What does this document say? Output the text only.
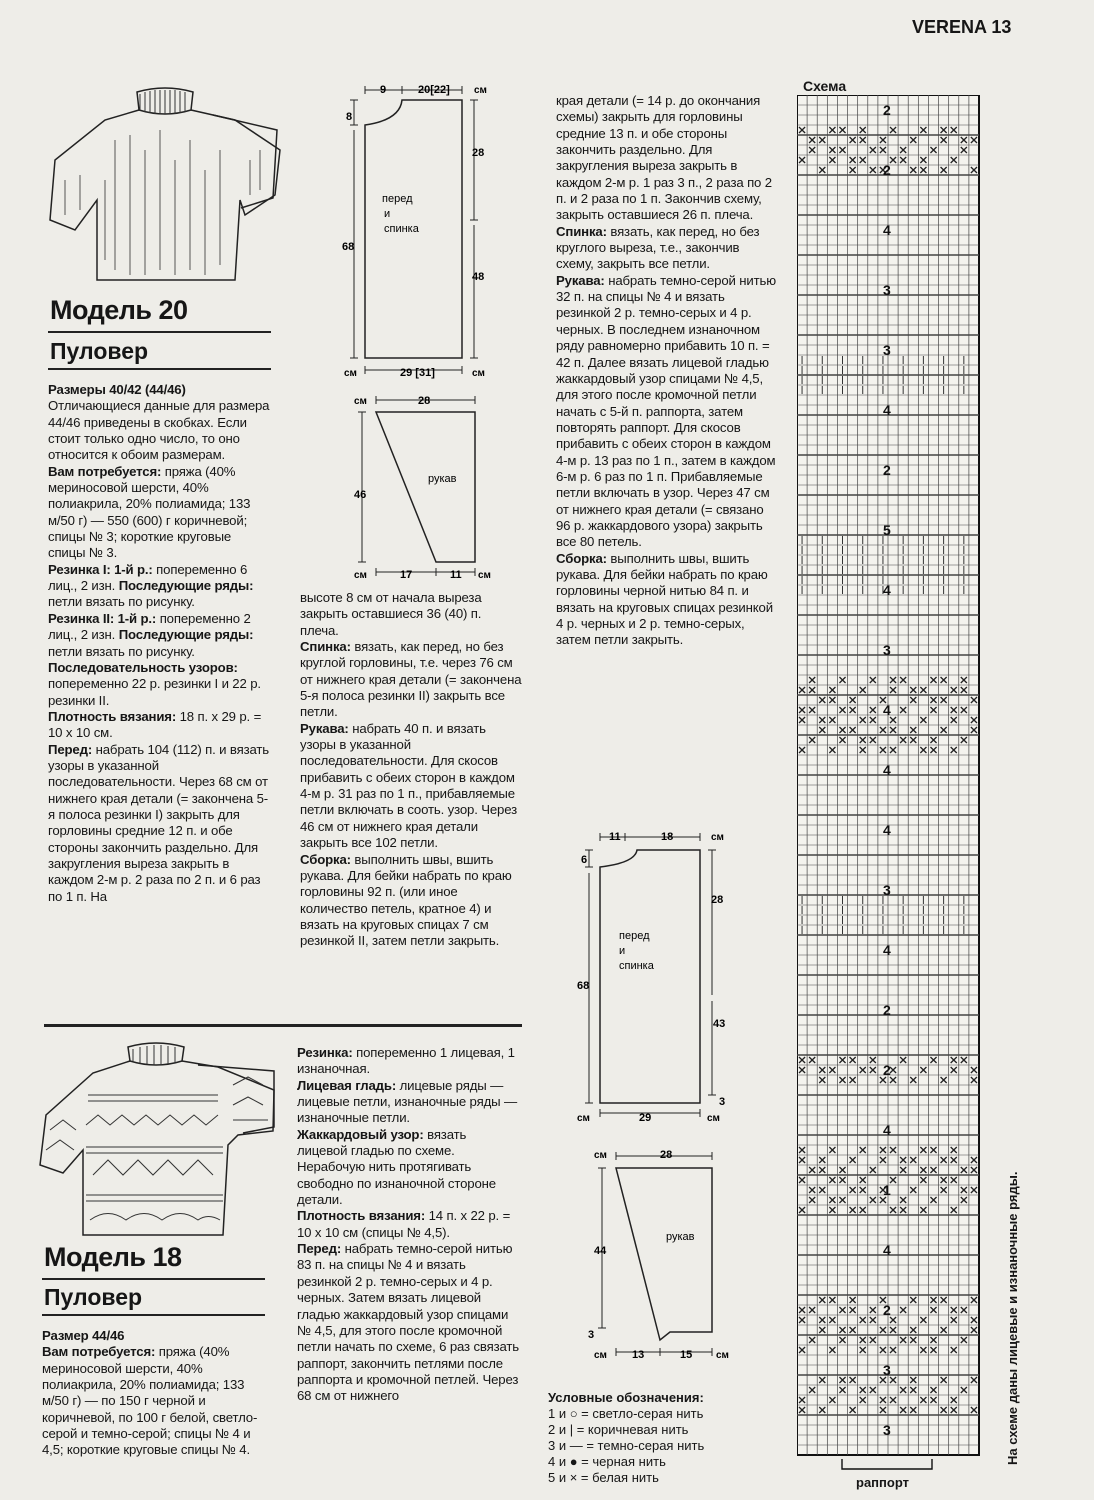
VERENA 13
Модель 20
Пуловер

Размеры 40/42 (44/46)

Отличающиеся данные для размера 44/46 приведены в скобках. Если стоит только одно число, то оно относится к обоим размерам.

Вам потребуется: пряжа (40% мериносовой шерсти, 40% полиакрила, 20% полиамида; 133 м/50 г) — 550 (600) г коричневой; спицы № 3; короткие круговые спицы № 3.

Резинка I: 1-й р.: попеременно 6 лиц., 2 изн. Последующие ряды: петли вязать по рисунку.

Резинка II: 1-й р.: попеременно 2 лиц., 2 изн. Последующие ряды: петли вязать по рисунку.

Последовательность узоров: попеременно 22 р. резинки I и 22 р. резинки II.

Плотность вязания: 18 п. х 29 р. = 10 х 10 см.

Перед: набрать 104 (112) п. и вязать узоры в указанной последовательности. Через 68 см от нижнего края детали (= закончена 5-я полоса резинки I) закрыть для горловины средние 12 п. и обе стороны закончить раздельно. Для закругления выреза закрыть в каждом 2-м р. 2 раза по 2 п. и 6 раз по 1 п. На

9	20[22] см
8
28
68
48
29 [31]
см	см
перед
и
спинка
см	28
46
17	11
см	см
рукав

высоте 8 см от начала выреза закрыть оставшиеся 36 (40) п. плеча.

Спинка: вязать, как перед, но без круглой горловины, т.е. через 76 см от нижнего края детали (= закончена 5-я полоса резинки II) закрыть все петли.

Рукава: набрать 40 п. и вязать узоры в указанной последовательности. Для скосов прибавить с обеих сторон в каждом 4-м р. 31 раз по 1 п., прибавляемые петли включать в сооть. узор. Через 46 см от нижнего края детали закрыть все 102 петли.

Сборка: выполнить швы, вшить рукава. Для бейки набрать по краю горловины 92 п. (или иное количество петель, кратное 4) и вязать на круговых спицах 7 см резинкой II, затем петли закрыть.

Модель 18
Пуловер

Размер 44/46

Вам потребуется: пряжа (40% мериносовой шерсти, 40% полиакрила, 20% полиамида; 133 м/50 г) — по 150 г черной и коричневой, по 100 г белой, светло-серой и темно-серой; спицы № 4 и 4,5; короткие круговые спицы № 4.

Резинка: попеременно 1 лицевая, 1 изнаночная.

Лицевая гладь: лицевые ряды — лицевые петли, изнаночные ряды — изнаночные петли.

Жаккардовый узор: вязать лицевой гладью по схеме. Нерабочую нить протягивать свободно по изнаночной стороне детали.

Плотность вязания: 14 п. х 22 р. = 10 х 10 см (спицы № 4,5).

Перед: набрать темно-серой нитью 83 п. на спицы № 4 и вязать резинкой 2 р. темно-серых и 4 р. черных. Затем вязать лицевой гладью жаккардовый узор спицами № 4,5, для этого после кромочной петли начать по схеме, 6 раз связать раппорт, закончить петлями после раппорта и кромочной петлей. Через 68 см от нижнего

края детали (= 14 р. до окончания схемы) закрыть для горловины средние 13 п. и обе стороны закончить раздельно. Для закругления выреза закрыть в каждом 2-м р. 1 раз 3 п., 2 раза по 2 п. и 2 раза по 1 п. Закончив схему, закрыть оставшиеся 26 п. плеча.

Спинка: вязать, как перед, но без круглого выреза, т.е., закончив схему, закрыть все петли.

Рукава: набрать темно-серой нитью 32 п. на спицы № 4 и вязать резинкой 2 р. темно-серых и 4 р. черных. В последнем изнаночном ряду равномерно прибавить 10 п. = 42 п. Далее вязать лицевой гладью жаккардовый узор спицами № 4,5, для этого после кромочной петли начать с 5-й п. раппорта, затем повторять раппорт. Для скосов прибавить с обеих сторон в каждом 4-м р. 13 раз по 1 п., затем в каждом 6-м р. 6 раз по 1 п. Прибавляемые петли включать в узор. Через 47 см от нижнего края детали (= связано 96 р. жаккардового узора) закрыть все 80 петель.

Сборка: выполнить швы, вшить рукава. Для бейки набрать по краю горловины черной нитью 84 п. и вязать на круговых спицах резинкой 4 р. черных и 2 р. темно-серых, затем петли закрыть.

11	18	см
6
28
68
43
3
29
см	см
перед
и
спинка
см	28
44
3
13	15
см	см
рукав
Условные обозначения:
1 и ○ = светло-серая нить
2 и | = коричневая нить
3 и — = темно-серая нить
4 и ● = черная нить
5 и × = белая нить
Схема
2
2
4
3
3
4
2
5
4
3
4
4
4
3
4
2
2
4
1
4
2
3
3
раппорт
На схеме даны лицевые и изнаночные ряды.
